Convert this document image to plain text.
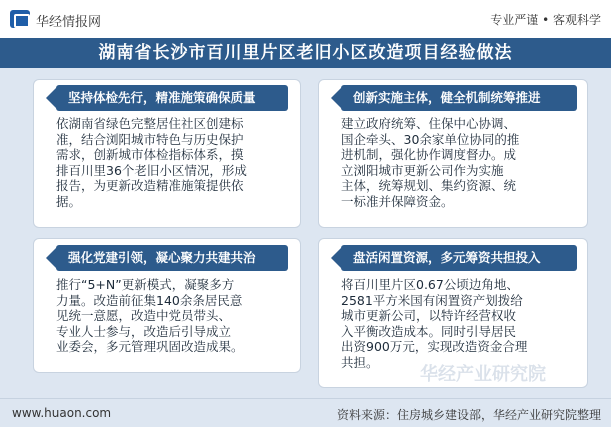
华经情报网	专业严谨 • 客观科学
湖南省长沙市百川里片区老旧小区改造项目经验做法
坚持体检先行，精准施策确保质量
依湖南省绿色完整居住社区创建标
准，结合浏阳城市特色与历史保护
需求，创新城市体检指标体系，摸
排百川里36个老旧小区情况，形成
报告，为更新改造精准施策提供依
据。
创新实施主体，健全机制统筹推进
建立政府统筹、住保中心协调、
国企牵头、30余家单位协同的推
进机制，强化协作调度督办。成
立浏阳城市更新公司作为实施
主体，统筹规划、集约资源、统
一标准并保障资金。
强化党建引领，凝心聚力共建共治
推行“5+N”更新模式，凝聚多方
力量。改造前征集140余条居民意
见统一意愿，改造中党员带头、
专业人士参与，改造后引导成立
业委会，多元管理巩固改造成果。
盘活闲置资源，多元筹资共担投入
将百川里片区0.67公顷边角地、
2581平方米国有闲置资产划拨给
城市更新公司，以特许经营权收
入平衡改造成本。同时引导居民
出资900万元，实现改造资金合理
共担。
华经产业研究院
www.huaon.com	资料来源：住房城乡建设部，华经产业研究院整理
